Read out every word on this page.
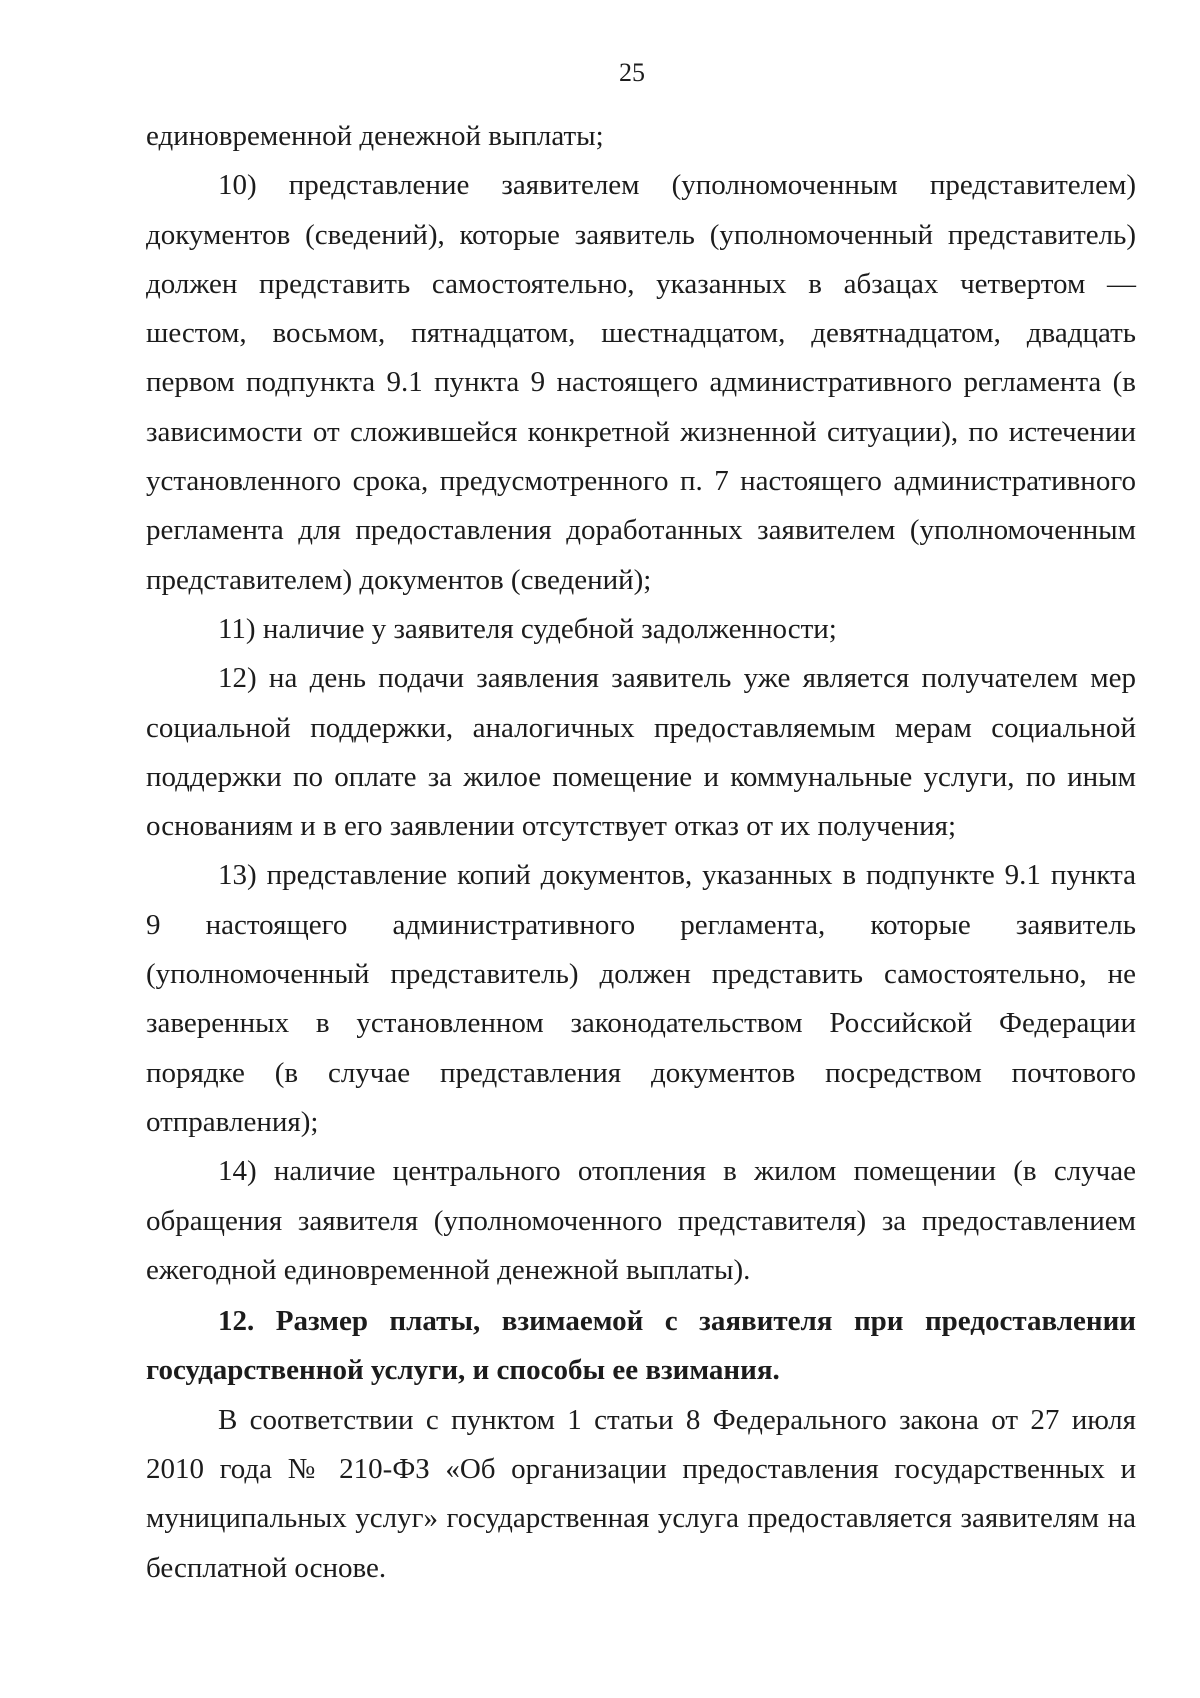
25

единовременной денежной выплаты;

10) представление заявителем (уполномоченным представителем) документов (сведений), которые заявитель (уполномоченный представитель) должен представить самостоятельно, указанных в абзацах четвертом — шестом, восьмом, пятнадцатом, шестнадцатом, девятнадцатом, двадцать первом подпункта 9.1 пункта 9 настоящего административного регламента (в зависимости от сложившейся конкретной жизненной ситуации), по истечении установленного срока, предусмотренного п. 7 настоящего административного регламента для предоставления доработанных заявителем (уполномоченным представителем) документов (сведений);

11) наличие у заявителя судебной задолженности;

12) на день подачи заявления заявитель уже является получателем мер социальной поддержки, аналогичных предоставляемым мерам социальной поддержки по оплате за жилое помещение и коммунальные услуги, по иным основаниям и в его заявлении отсутствует отказ от их получения;

13) представление копий документов, указанных в подпункте 9.1 пункта 9 настоящего административного регламента, которые заявитель (уполномоченный представитель) должен представить самостоятельно, не заверенных в установленном законодательством Российской Федерации порядке (в случае представления документов посредством почтового отправления);

14) наличие центрального отопления в жилом помещении (в случае обращения заявителя (уполномоченного представителя) за предоставлением ежегодной единовременной денежной выплаты).

12. Размер платы, взимаемой с заявителя при предоставлении государственной услуги, и способы ее взимания.

В соответствии с пунктом 1 статьи 8 Федерального закона от 27 июля 2010 года № 210-ФЗ «Об организации предоставления государственных и муниципальных услуг» государственная услуга предоставляется заявителям на бесплатной основе.
